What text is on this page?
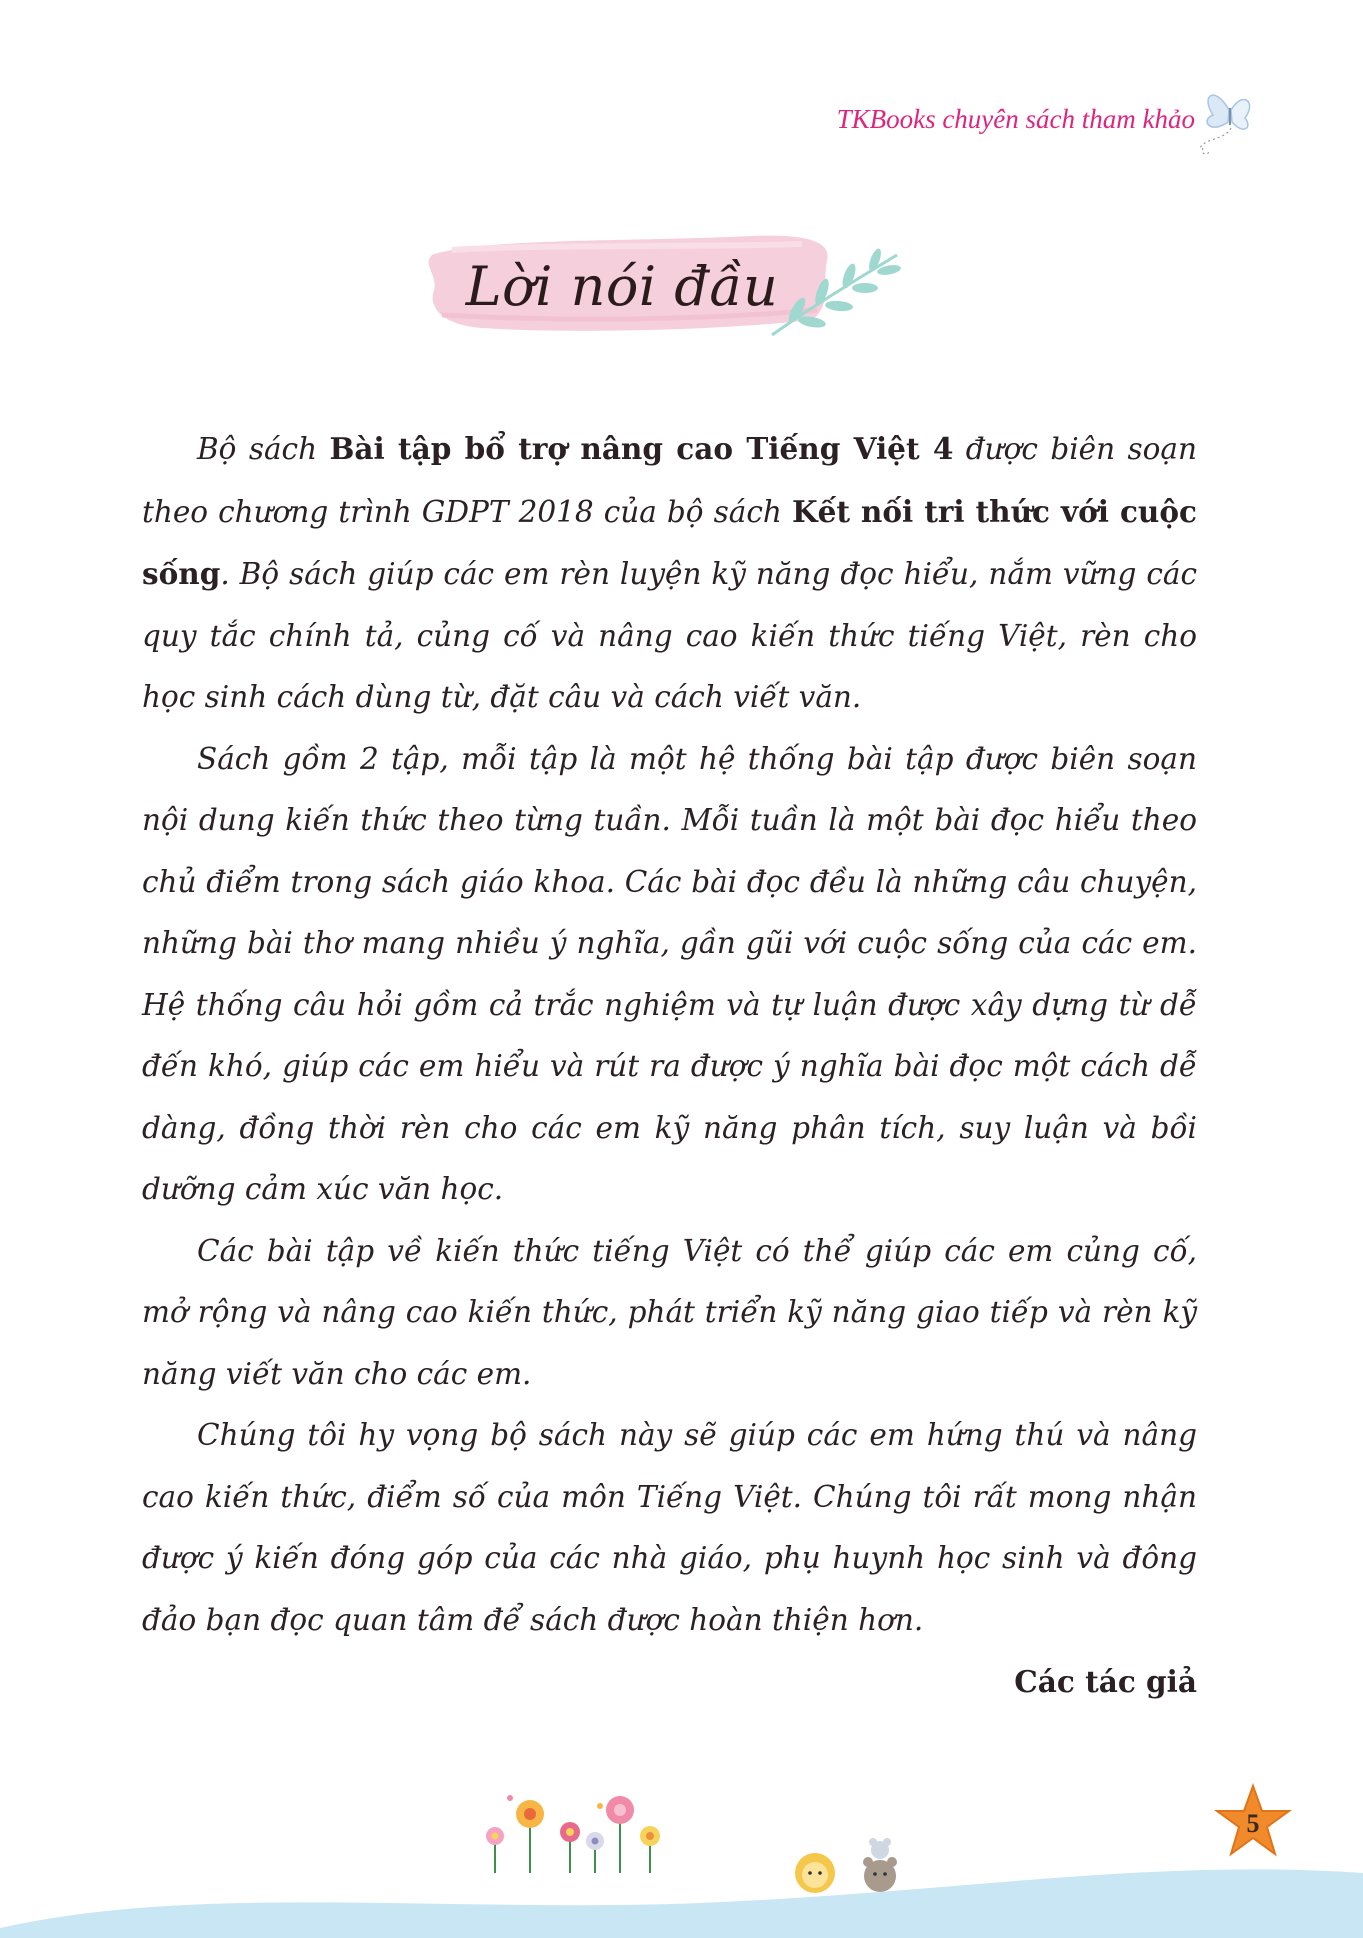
TKBooks chuyên sách tham khảo
Lời nói đầu

Bộ sách Bài tập bổ trợ nâng cao Tiếng Việt 4 được biên soạn theo chương trình GDPT 2018 của bộ sách Kết nối tri thức với cuộc sống. Bộ sách giúp các em rèn luyện kỹ năng đọc hiểu, nắm vững các quy tắc chính tả, củng cố và nâng cao kiến thức tiếng Việt, rèn cho học sinh cách dùng từ, đặt câu và cách viết văn.

Sách gồm 2 tập, mỗi tập là một hệ thống bài tập được biên soạn nội dung kiến thức theo từng tuần. Mỗi tuần là một bài đọc hiểu theo chủ điểm trong sách giáo khoa. Các bài đọc đều là những câu chuyện, những bài thơ mang nhiều ý nghĩa, gần gũi với cuộc sống của các em. Hệ thống câu hỏi gồm cả trắc nghiệm và tự luận được xây dựng từ dễ đến khó, giúp các em hiểu và rút ra được ý nghĩa bài đọc một cách dễ dàng, đồng thời rèn cho các em kỹ năng phân tích, suy luận và bồi dưỡng cảm xúc văn học.

Các bài tập về kiến thức tiếng Việt có thể giúp các em củng cố, mở rộng và nâng cao kiến thức, phát triển kỹ năng giao tiếp và rèn kỹ năng viết văn cho các em.

Chúng tôi hy vọng bộ sách này sẽ giúp các em hứng thú và nâng cao kiến thức, điểm số của môn Tiếng Việt. Chúng tôi rất mong nhận được ý kiến đóng góp của các nhà giáo, phụ huynh học sinh và đông đảo bạn đọc quan tâm để sách được hoàn thiện hơn.

Các tác giả

5
